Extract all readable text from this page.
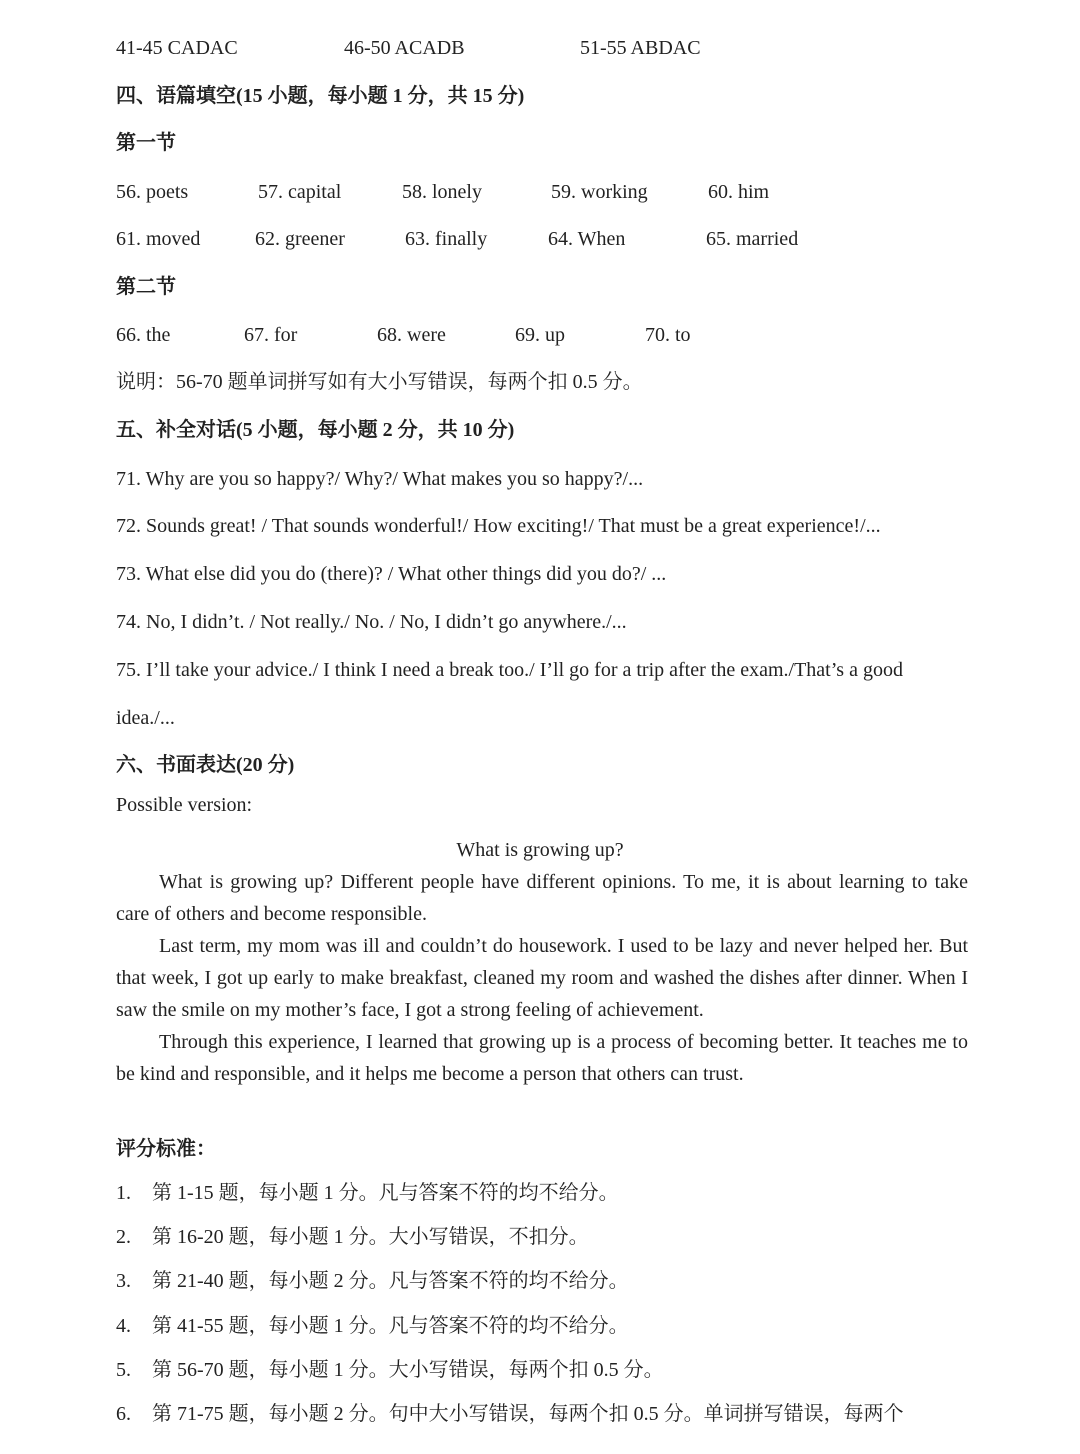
41-45 CADAC	46-50 ACADB	51-55 ABDAC
四、语篇填空(15 小题，每小题 1 分，共 15 分)
第一节
56. poets	57. capital	58. lonely	59. working	60. him
61. moved	62. greener	63. finally	64. When	65. married
第二节
66. the	67. for	68. were	69. up	70. to
说明：56-70 题单词拼写如有大小写错误，每两个扣 0.5 分。
五、补全对话(5 小题，每小题 2 分，共 10 分)
71. Why are you so happy?/ Why?/ What makes you so happy?/...
72. Sounds great! / That sounds wonderful!/ How exciting!/ That must be a great experience!/...
73. What else did you do (there)? / What other things did you do?/ ...
74. No, I didn’t. / Not really./ No. / No, I didn’t go anywhere./...
75. I’ll take your advice./ I think I need a break too./ I’ll go for a trip after the exam./That’s a good
idea./...
六、书面表达(20 分)
Possible version:
What is growing up?
What is growing up? Different people have different opinions. To me, it is about learning to take care of others and become responsible.
Last term, my mom was ill and couldn’t do housework. I used to be lazy and never helped her. But that week, I got up early to make breakfast, cleaned my room and washed the dishes after dinner. When I saw the smile on my mother’s face, I got a strong feeling of achievement.
Through this experience, I learned that growing up is a process of becoming better. It teaches me to be kind and responsible, and it helps me become a person that others can trust.
评分标准：
1. 第 1-15 题，每小题 1 分。凡与答案不符的均不给分。
2. 第 16-20 题，每小题 1 分。大小写错误，不扣分。
3. 第 21-40 题，每小题 2 分。凡与答案不符的均不给分。
4. 第 41-55 题，每小题 1 分。凡与答案不符的均不给分。
5. 第 56-70 题，每小题 1 分。大小写错误，每两个扣 0.5 分。
6. 第 71-75 题，每小题 2 分。句中大小写错误，每两个扣 0.5 分。单词拼写错误，每两个
